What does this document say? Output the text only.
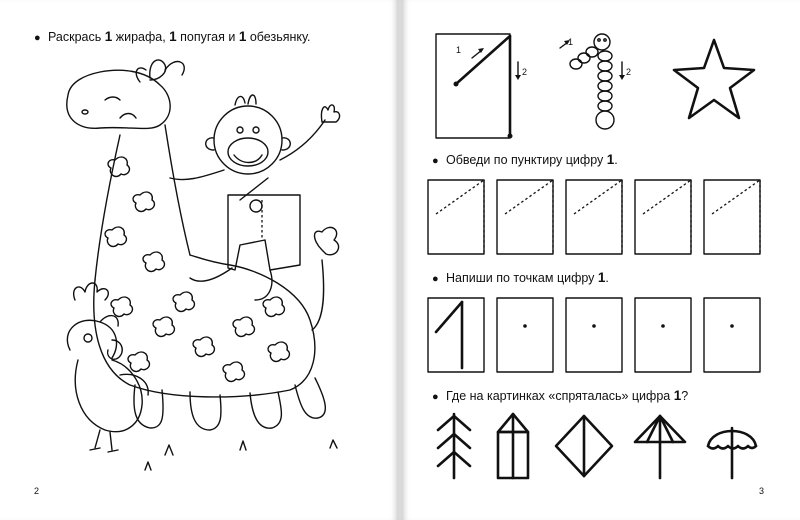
● Раскрась 1 жирафа, 1 попугая и 1 обезьянку.
2
1
2
1
2
● Обведи по пунктиру цифру 1.
● Напиши по точкам цифру 1.
● Где на картинках «спряталась» цифра 1?
3
